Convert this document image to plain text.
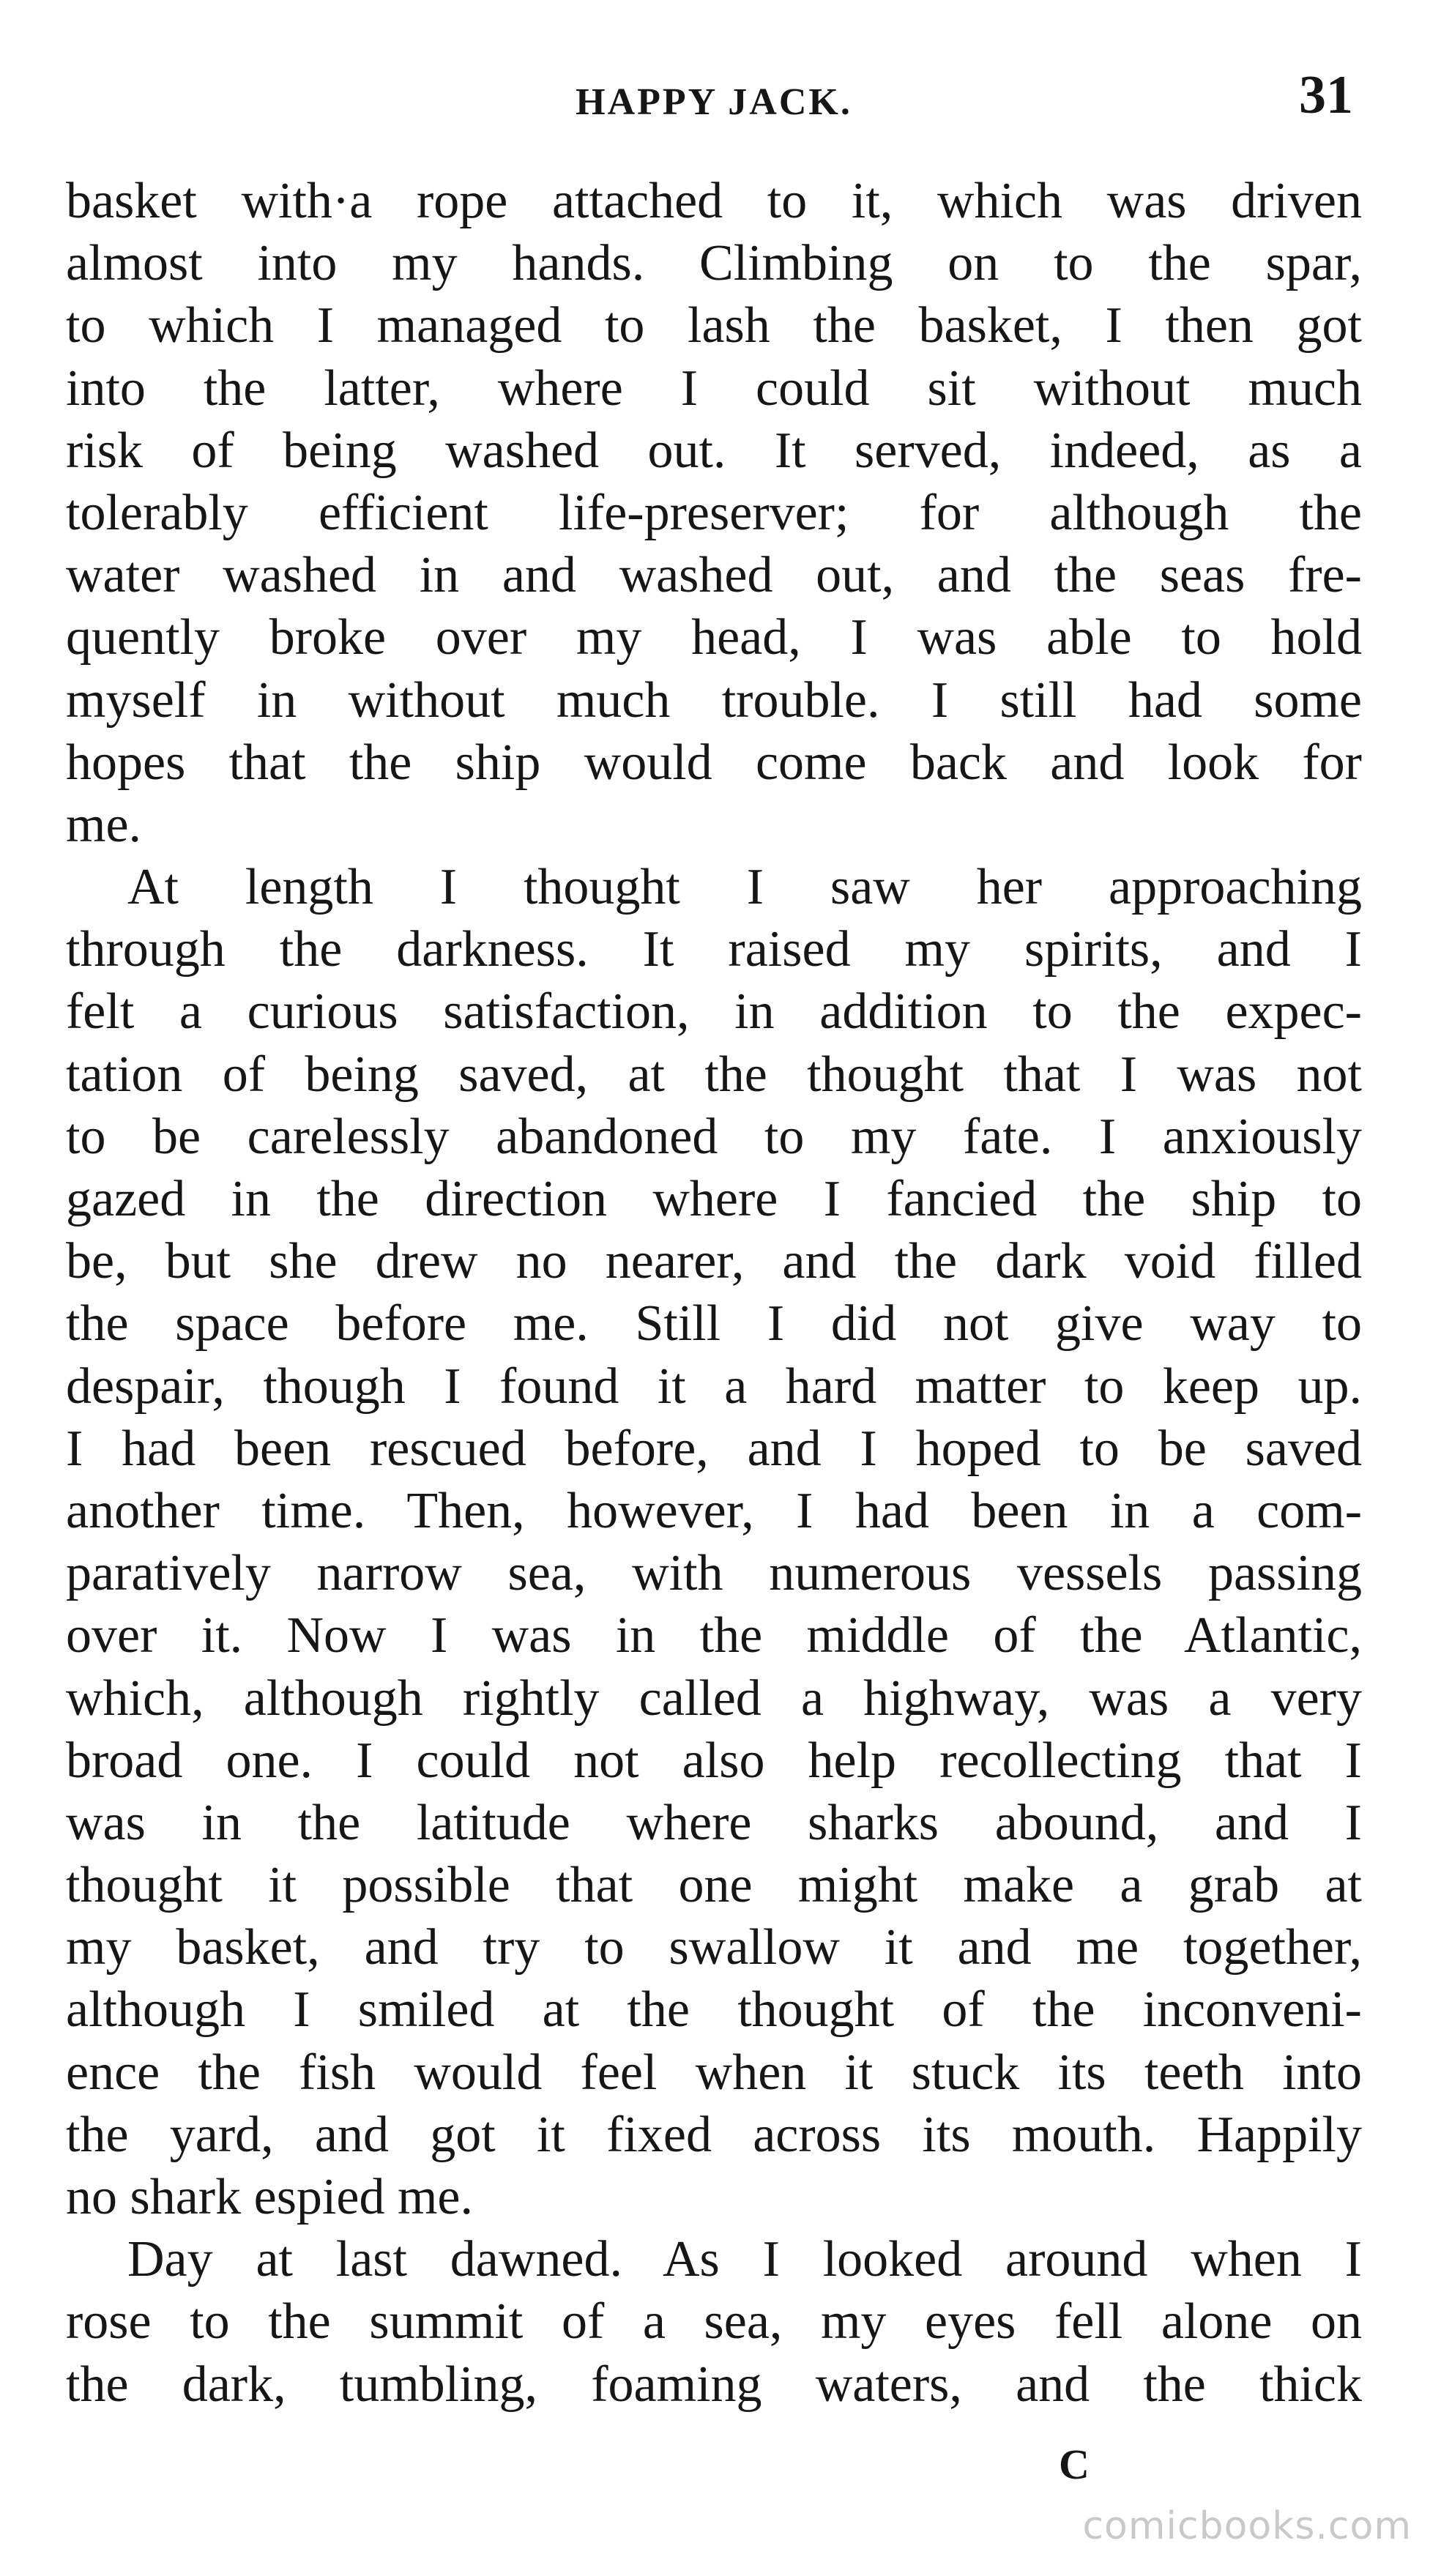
HAPPY JACK.	31
basket with·a rope attached to it, which was driven
almost into my hands. Climbing on to the spar,
to which I managed to lash the basket, I then got
into the latter, where I could sit without much
risk of being washed out. It served, indeed, as a
tolerably efficient life-preserver; for although the
water washed in and washed out, and the seas fre-
quently broke over my head, I was able to hold
myself in without much trouble. I still had some
hopes that the ship would come back and look for
me.
At length I thought I saw her approaching
through the darkness. It raised my spirits, and I
felt a curious satisfaction, in addition to the expec-
tation of being saved, at the thought that I was not
to be carelessly abandoned to my fate. I anxiously
gazed in the direction where I fancied the ship to
be, but she drew no nearer, and the dark void filled
the space before me. Still I did not give way to
despair, though I found it a hard matter to keep up.
I had been rescued before, and I hoped to be saved
another time. Then, however, I had been in a com-
paratively narrow sea, with numerous vessels passing
over it. Now I was in the middle of the Atlantic,
which, although rightly called a highway, was a very
broad one. I could not also help recollecting that I
was in the latitude where sharks abound, and I
thought it possible that one might make a grab at
my basket, and try to swallow it and me together,
although I smiled at the thought of the inconveni-
ence the fish would feel when it stuck its teeth into
the yard, and got it fixed across its mouth. Happily
no shark espied me.
Day at last dawned. As I looked around when I
rose to the summit of a sea, my eyes fell alone on
the dark, tumbling, foaming waters, and the thick
C
comicbooks.com
